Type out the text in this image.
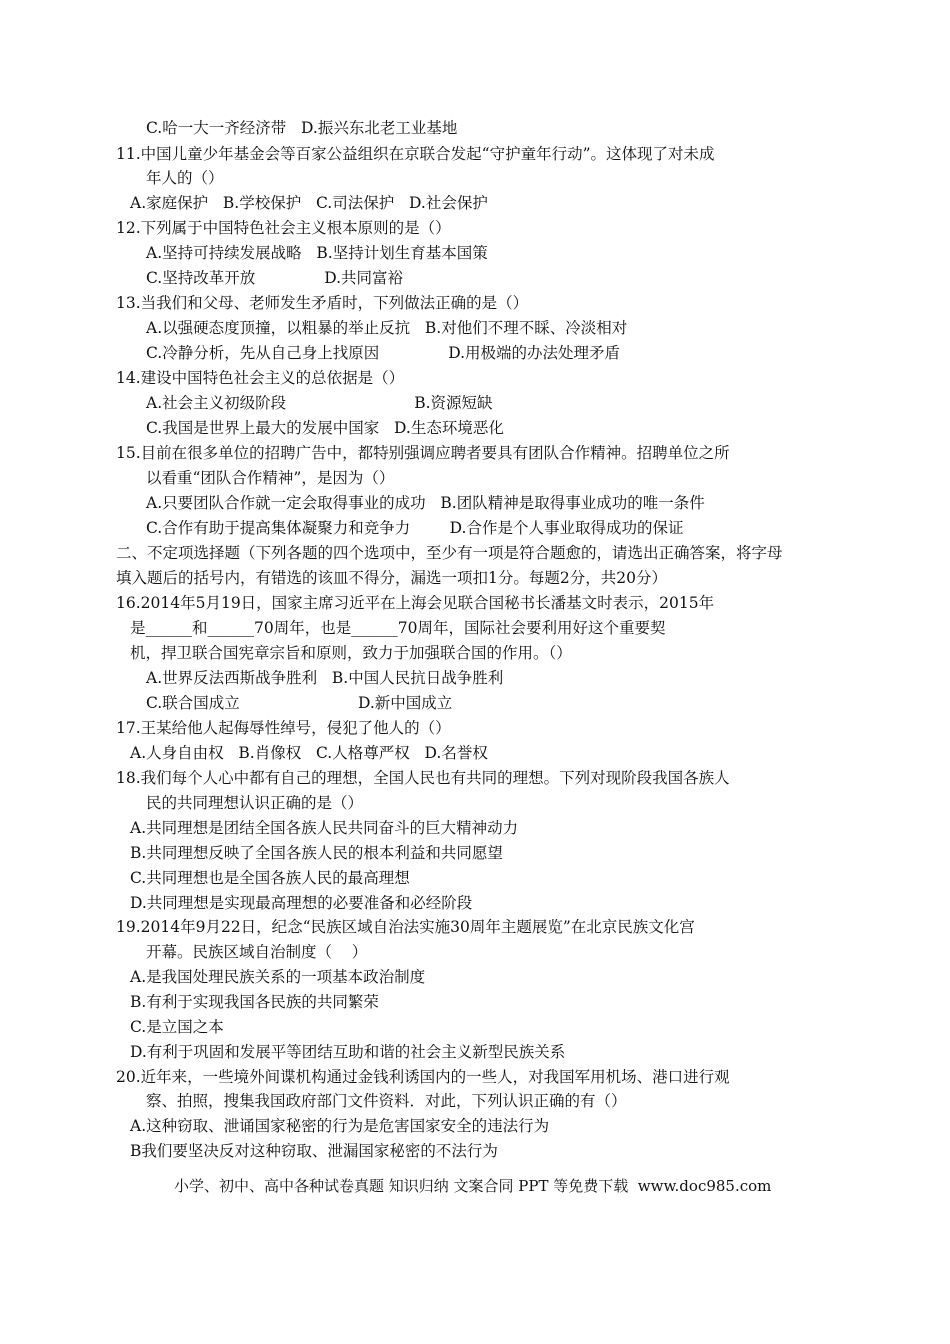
C.哈一大一齐经济带   D.振兴东北老工业基地
11.中国儿童少年基金会等百家公益组织在京联合发起“守护童年行动”。这体现了对未成
年人的（）
A.家庭保护   B.学校保护   C.司法保护   D.社会保护
12.下列属于中国特色社会主义根本原则的是（）
A.坚持可持续发展战略   B.坚持计划生育基本国策
C.坚持改革开放              D.共同富裕
13.当我们和父母、老师发生矛盾时，下列做法正确的是（）
A.以强硬态度顶撞，以粗暴的举止反抗   B.对他们不理不睬、冷淡相对
C.冷静分析，先从自己身上找原因              D.用极端的办法处理矛盾
14.建设中国特色社会主义的总依据是（）
A.社会主义初级阶段                          B.资源短缺
C.我国是世界上最大的发展中国家   D.生态环境恶化
15.目前在很多单位的招聘广告中，都特别强调应聘者要具有团队合作精神。招聘单位之所
以看重“团队合作精神”，是因为（）
A.只要团队合作就一定会取得事业的成功   B.团队精神是取得事业成功的唯一条件
C.合作有助于提高集体凝聚力和竞争力        D.合作是个人事业取得成功的保证
二、不定项选择题（下列各题的四个选项中，至少有一项是符合题愈的，请选出正确答案，将字母
填入题后的括号内，有错选的该皿不得分，漏选一项扣1分。每题2分，共20分）
16.2014年5月19日，国家主席习近平在上海会见联合国秘书长潘基文时表示，2015年
是______和______70周年，也是______70周年，国际社会要利用好这个重要契
机，捍卫联合国宪章宗旨和原则，致力于加强联合国的作用。（）
A.世界反法西斯战争胜利   B.中国人民抗日战争胜利
C.联合国成立                        D.新中国成立
17.王某给他人起侮辱性绰号，侵犯了他人的（）
A.人身自由权   B.肖像权   C.人格尊严权   D.名誉权
18.我们每个人心中都有自己的理想，全国人民也有共同的理想。下列对现阶段我国各族人
民的共同理想认识正确的是（）
A.共同理想是团结全国各族人民共同奋斗的巨大精神动力
B.共同理想反映了全国各族人民的根本利益和共同愿望
C.共同理想也是全国各族人民的最高理想
D.共同理想是实现最高理想的必要准备和必经阶段
19.2014年9月22日，纪念“民族区域自治法实施30周年主题展览”在北京民族文化宫
开幕。民族区域自治制度（    ）
A.是我国处理民族关系的一项基本政治制度
B.有利于实现我国各民族的共同繁荣
C.是立国之本
D.有利于巩固和发展平等团结互助和谐的社会主义新型民族关系
20.近年来，一些境外间谍机构通过金钱利诱国内的一些人，对我国军用机场、港口进行观
察、拍照，搜集我国政府部门文件资料．对此，下列认识正确的有（）
A.这种窃取、泄诵国家秘密的行为是危害国家安全的违法行为
B我们要坚决反对这种窃取、泄漏国家秘密的不法行为
小学、初中、高中各种试卷真题 知识归纳 文案合同 PPT 等免费下载  www.doc985.com
